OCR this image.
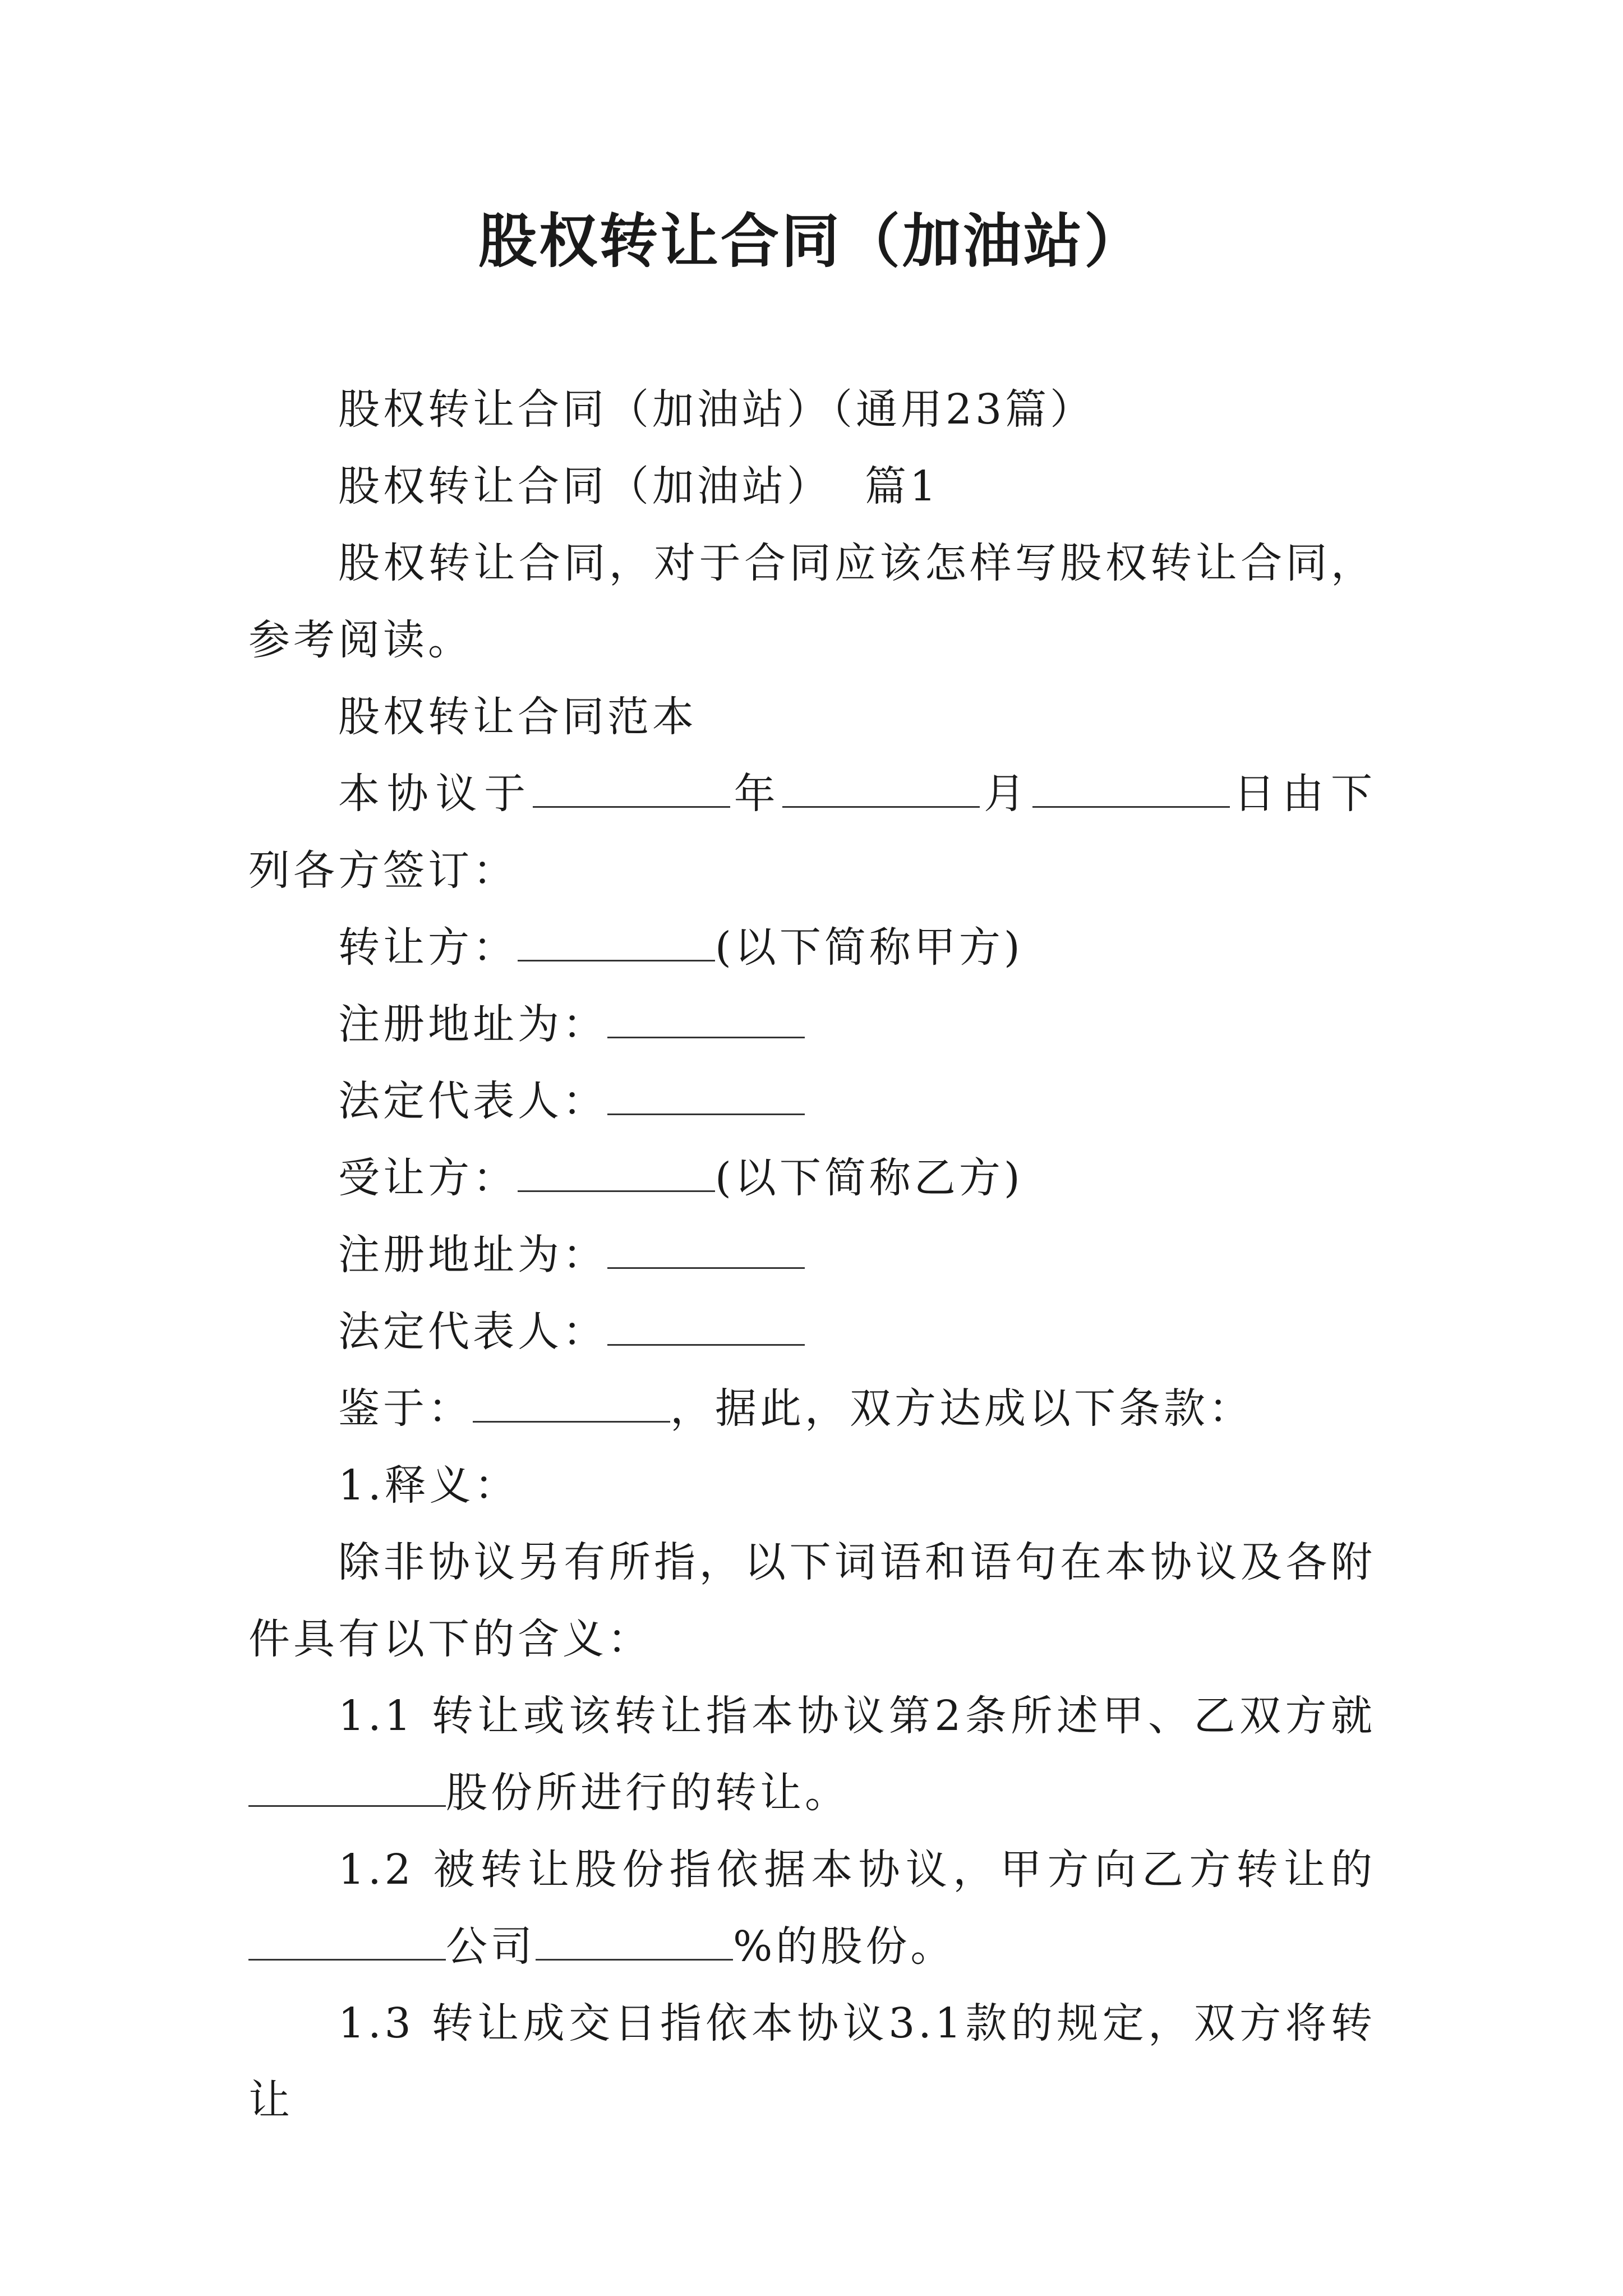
股权转让合同（加油站）

股权转让合同（加油站）（通用23篇）

股权转让合同（加油站）  篇1

股权转让合同，对于合同应该怎样写股权转让合同，参考阅读。

股权转让合同范本

本协议于	年	月	日由下列各方签订：

转让方：	(以下简称甲方)

注册地址为：

法定代表人：

受让方：	(以下简称乙方)

注册地址为：

法定代表人：

鉴于：	，据此，双方达成以下条款：

1.释义：

除非协议另有所指，以下词语和语句在本协议及各附件具有以下的含义：

1.1 转让或该转让指本协议第2条所述甲、乙双方就股份所进行的转让。

1.2 被转让股份指依据本协议，甲方向乙方转让的公司	%的股份。

1.3 转让成交日指依本协议3.1款的规定，双方将转让
